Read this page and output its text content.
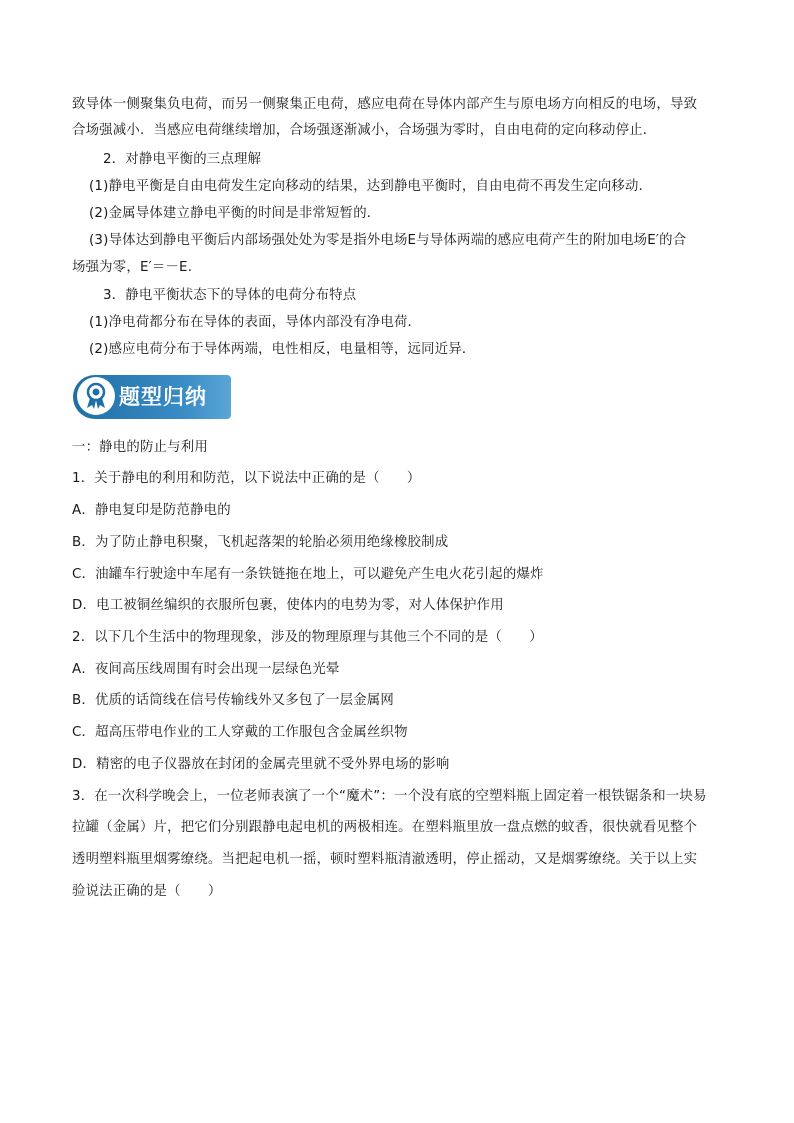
致导体一侧聚集负电荷，而另一侧聚集正电荷，感应电荷在导体内部产生与原电场方向相反的电场，导致
合场强减小．当感应电荷继续增加，合场强逐渐减小，合场强为零时，自由电荷的定向移动停止．
2．对静电平衡的三点理解
(1)静电平衡是自由电荷发生定向移动的结果，达到静电平衡时，自由电荷不再发生定向移动．
(2)金属导体建立静电平衡的时间是非常短暂的．
(3)导体达到静电平衡后内部场强处处为零是指外电场E与导体两端的感应电荷产生的附加电场E′的合
场强为零，E′＝－E.
3．静电平衡状态下的导体的电荷分布特点
(1)净电荷都分布在导体的表面，导体内部没有净电荷．
(2)感应电荷分布于导体两端，电性相反，电量相等，远同近异．
题型归纳
一：静电的防止与利用
1．关于静电的利用和防范，以下说法中正确的是（　　）
A．静电复印是防范静电的
B．为了防止静电积聚，飞机起落架的轮胎必须用绝缘橡胶制成
C．油罐车行驶途中车尾有一条铁链拖在地上，可以避免产生电火花引起的爆炸
D．电工被铜丝编织的衣服所包裹，使体内的电势为零，对人体保护作用
2．以下几个生活中的物理现象，涉及的物理原理与其他三个不同的是（　　）
A．夜间高压线周围有时会出现一层绿色光晕
B．优质的话筒线在信号传输线外又多包了一层金属网
C．超高压带电作业的工人穿戴的工作服包含金属丝织物
D．精密的电子仪器放在封闭的金属壳里就不受外界电场的影响
3．在一次科学晚会上，一位老师表演了一个“魔术”：一个没有底的空塑料瓶上固定着一根铁锯条和一块易
拉罐（金属）片，把它们分别跟静电起电机的两极相连。在塑料瓶里放一盘点燃的蚊香，很快就看见整个
透明塑料瓶里烟雾缭绕。当把起电机一摇，顿时塑料瓶清澈透明，停止摇动，又是烟雾缭绕。关于以上实
验说法正确的是（　　）
